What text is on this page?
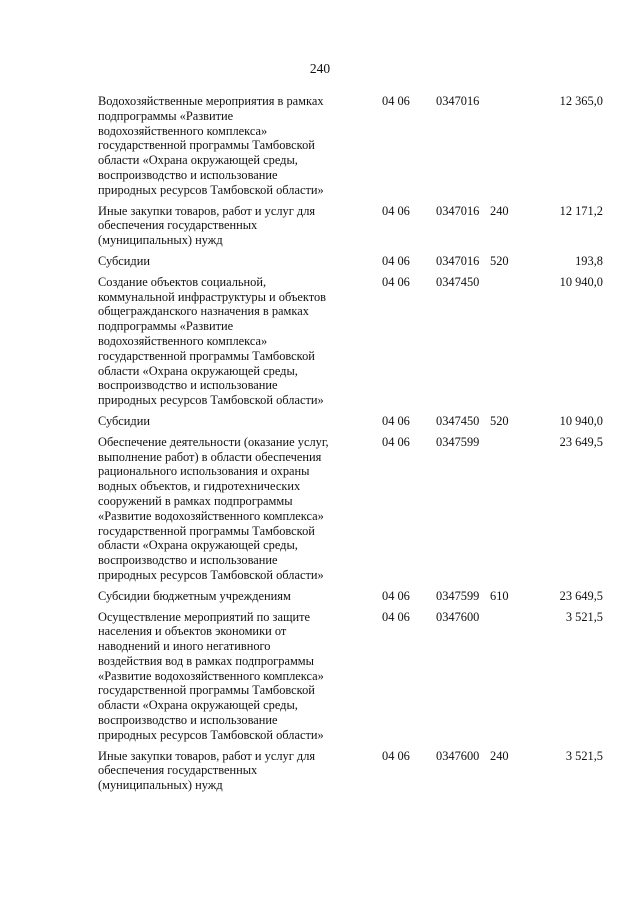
240
Водохозяйственные мероприятия в рамках
подпрограммы «Развитие
водохозяйственного комплекса»
государственной программы Тамбовской
области «Охрана окружающей среды,
воспроизводство и использование
природных ресурсов Тамбовской области»
04 06	0347016	12 365,0
Иные закупки товаров, работ и услуг для
обеспечения государственных
(муниципальных) нужд
04 06	0347016 240	12 171,2
Субсидии	04 06	0347016 520	193,8
Создание объектов социальной,
коммунальной инфраструктуры и объектов
общегражданского назначения в рамках
подпрограммы «Развитие
водохозяйственного комплекса»
государственной программы Тамбовской
области «Охрана окружающей среды,
воспроизводство и использование
природных ресурсов Тамбовской области»
04 06	0347450	10 940,0
Субсидии	04 06	0347450 520	10 940,0
Обеспечение деятельности (оказание услуг,
выполнение работ) в области обеспечения
рационального использования и охраны
водных объектов, и гидротехнических
сооружений в рамках подпрограммы
«Развитие водохозяйственного комплекса»
государственной программы Тамбовской
области «Охрана окружающей среды,
воспроизводство и использование
природных ресурсов Тамбовской области»
04 06	0347599	23 649,5
Субсидии бюджетным учреждениям	04 06	0347599 610	23 649,5
Осуществление мероприятий по защите
населения и объектов экономики от
наводнений и иного негативного
воздействия вод в рамках подпрограммы
«Развитие водохозяйственного комплекса»
государственной программы Тамбовской
области «Охрана окружающей среды,
воспроизводство и использование
природных ресурсов Тамбовской области»
04 06	0347600	3 521,5
Иные закупки товаров, работ и услуг для
обеспечения государственных
(муниципальных) нужд
04 06	0347600 240	3 521,5
